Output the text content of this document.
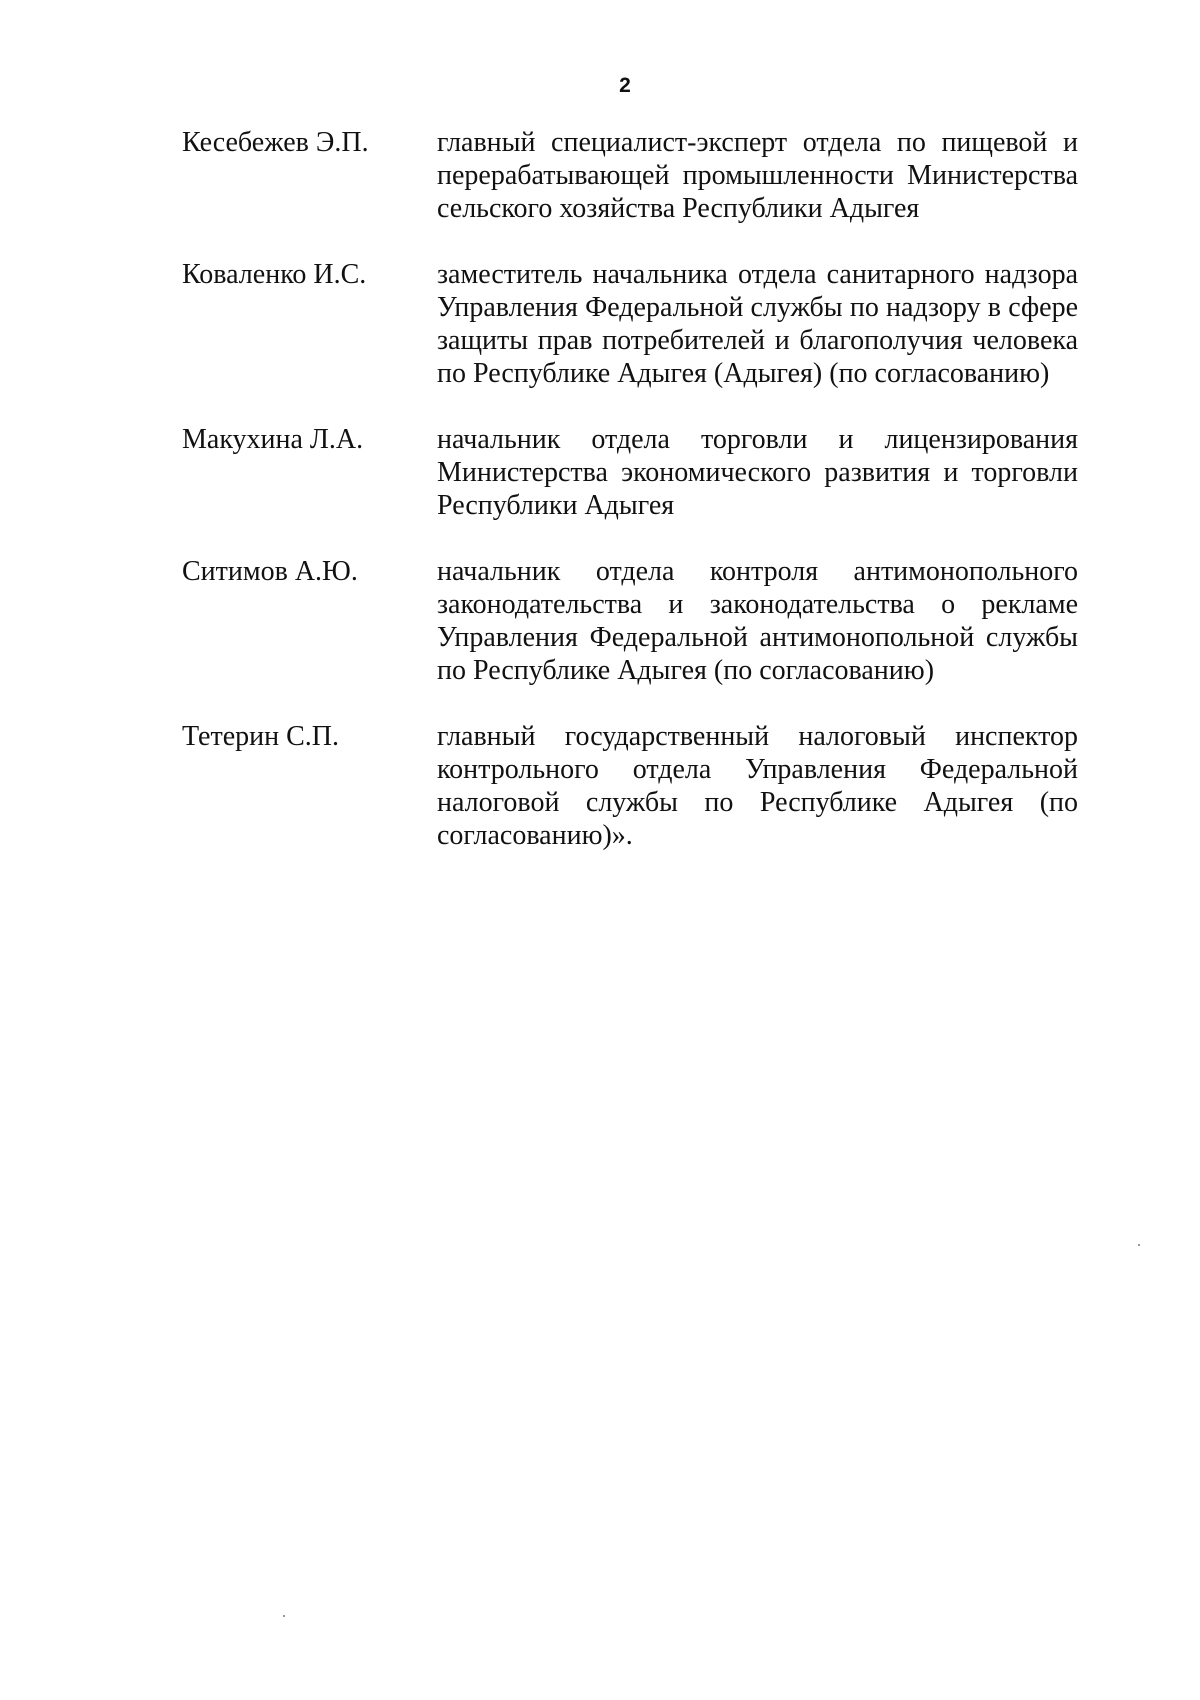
2
Кесебежев Э.П.	главный специалист-эксперт отдела по пищевой и перерабатывающей промышленности Министерства сельского хозяйства Республики Адыгея
Коваленко И.С.	заместитель начальника отдела санитарного надзора Управления Федеральной службы по надзору в сфере защиты прав потребителей и благополучия человека по Республике Адыгея (Адыгея) (по согласованию)
Макухина Л.А.	начальник отдела торговли и лицензирования Министерства экономического развития и торговли Республики Адыгея
Ситимов А.Ю.	начальник отдела контроля антимонопольного законодательства и законодательства о рекламе Управления Федеральной антимонопольной службы по Республике Адыгея (по согласованию)
Тетерин С.П.	главный государственный налоговый инспектор контрольного отдела Управления Федеральной налоговой службы по Республике Адыгея (по согласованию)».
